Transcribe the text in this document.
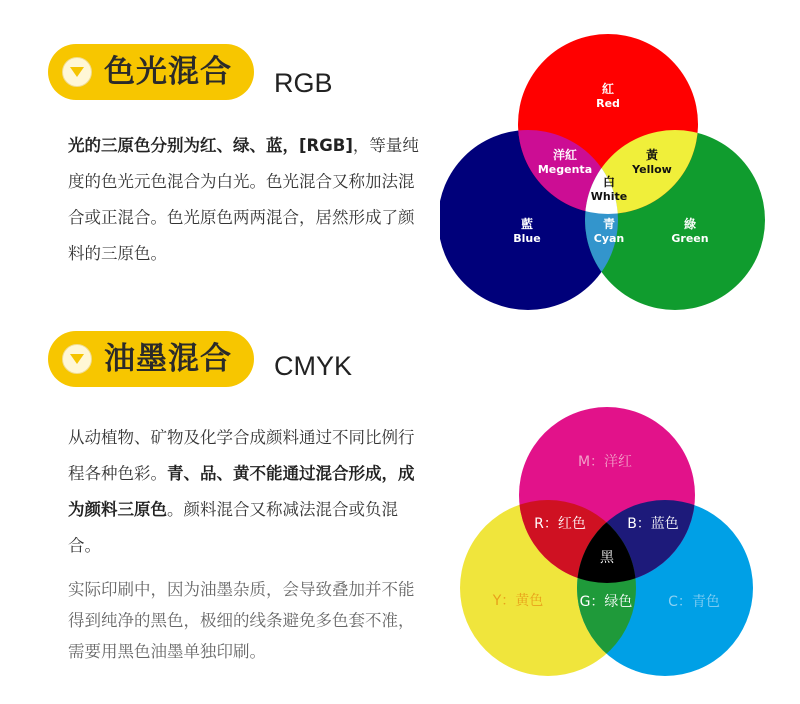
色光混合 RGB
光的三原色分别为红、绿、蓝，[RGB]，等量纯度的色光元色混合为白光。色光混合又称加法混合或正混合。色光原色两两混合，居然形成了颜料的三原色。
紅
Red
洋紅
Megenta
黃
Yellow
白
White
藍
Blue
青
Cyan
綠
Green
油墨混合 CMYK
从动植物、矿物及化学合成颜料通过不同比例行程各种色彩。青、品、黄不能通过混合形成，成为颜料三原色。颜料混合又称减法混合或负混合。
实际印刷中，因为油墨杂质，会导致叠加并不能得到纯净的黑色，极细的线条避免多色套不准，需要用黑色油墨单独印刷。
M：洋红
R：红色	B：蓝色
黑
Y：黄色	G：绿色	C：青色
